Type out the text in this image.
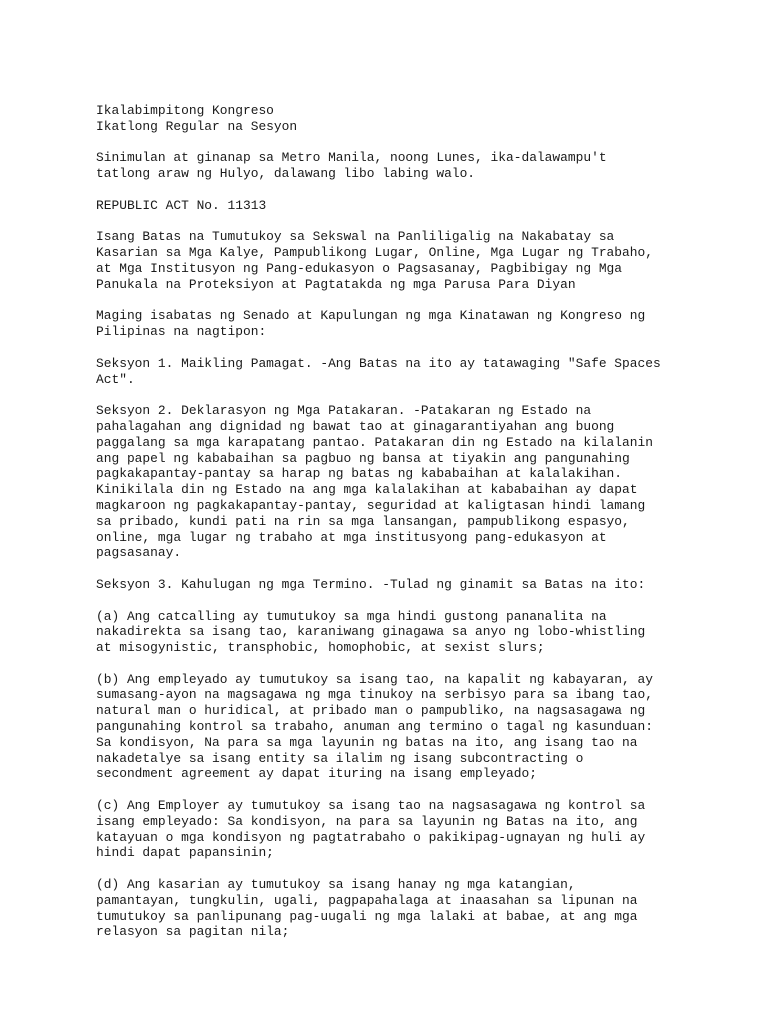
Ikalabimpitong Kongreso
Ikatlong Regular na Sesyon
Sinimulan at ginanap sa Metro Manila, noong Lunes, ika-dalawampu't
tatlong araw ng Hulyo, dalawang libo labing walo.
REPUBLIC ACT No. 11313
Isang Batas na Tumutukoy sa Sekswal na Panliligalig na Nakabatay sa
Kasarian sa Mga Kalye, Pampublikong Lugar, Online, Mga Lugar ng Trabaho,
at Mga Institusyon ng Pang-edukasyon o Pagsasanay, Pagbibigay ng Mga
Panukala na Proteksiyon at Pagtatakda ng mga Parusa Para Diyan
Maging isabatas ng Senado at Kapulungan ng mga Kinatawan ng Kongreso ng
Pilipinas na nagtipon:
Seksyon 1. Maikling Pamagat. -Ang Batas na ito ay tatawaging "Safe Spaces
Act".
Seksyon 2. Deklarasyon ng Mga Patakaran. -Patakaran ng Estado na
pahalagahan ang dignidad ng bawat tao at ginagarantiyahan ang buong
paggalang sa mga karapatang pantao. Patakaran din ng Estado na kilalanin
ang papel ng kababaihan sa pagbuo ng bansa at tiyakin ang pangunahing
pagkakapantay-pantay sa harap ng batas ng kababaihan at kalalakihan.
Kinikilala din ng Estado na ang mga kalalakihan at kababaihan ay dapat
magkaroon ng pagkakapantay-pantay, seguridad at kaligtasan hindi lamang
sa pribado, kundi pati na rin sa mga lansangan, pampublikong espasyo,
online, mga lugar ng trabaho at mga institusyong pang-edukasyon at
pagsasanay.
Seksyon 3. Kahulugan ng mga Termino. -Tulad ng ginamit sa Batas na ito:
(a) Ang catcalling ay tumutukoy sa mga hindi gustong pananalita na
nakadirekta sa isang tao, karaniwang ginagawa sa anyo ng lobo-whistling
at misogynistic, transphobic, homophobic, at sexist slurs;
(b) Ang empleyado ay tumutukoy sa isang tao, na kapalit ng kabayaran, ay
sumasang-ayon na magsagawa ng mga tinukoy na serbisyo para sa ibang tao,
natural man o huridical, at pribado man o pampubliko, na nagsasagawa ng
pangunahing kontrol sa trabaho, anuman ang termino o tagal ng kasunduan:
Sa kondisyon, Na para sa mga layunin ng batas na ito, ang isang tao na
nakadetalye sa isang entity sa ilalim ng isang subcontracting o
secondment agreement ay dapat ituring na isang empleyado;
(c) Ang Employer ay tumutukoy sa isang tao na nagsasagawa ng kontrol sa
isang empleyado: Sa kondisyon, na para sa layunin ng Batas na ito, ang
katayuan o mga kondisyon ng pagtatrabaho o pakikipag-ugnayan ng huli ay
hindi dapat papansinin;
(d) Ang kasarian ay tumutukoy sa isang hanay ng mga katangian,
pamantayan, tungkulin, ugali, pagpapahalaga at inaasahan sa lipunan na
tumutukoy sa panlipunang pag-uugali ng mga lalaki at babae, at ang mga
relasyon sa pagitan nila;
